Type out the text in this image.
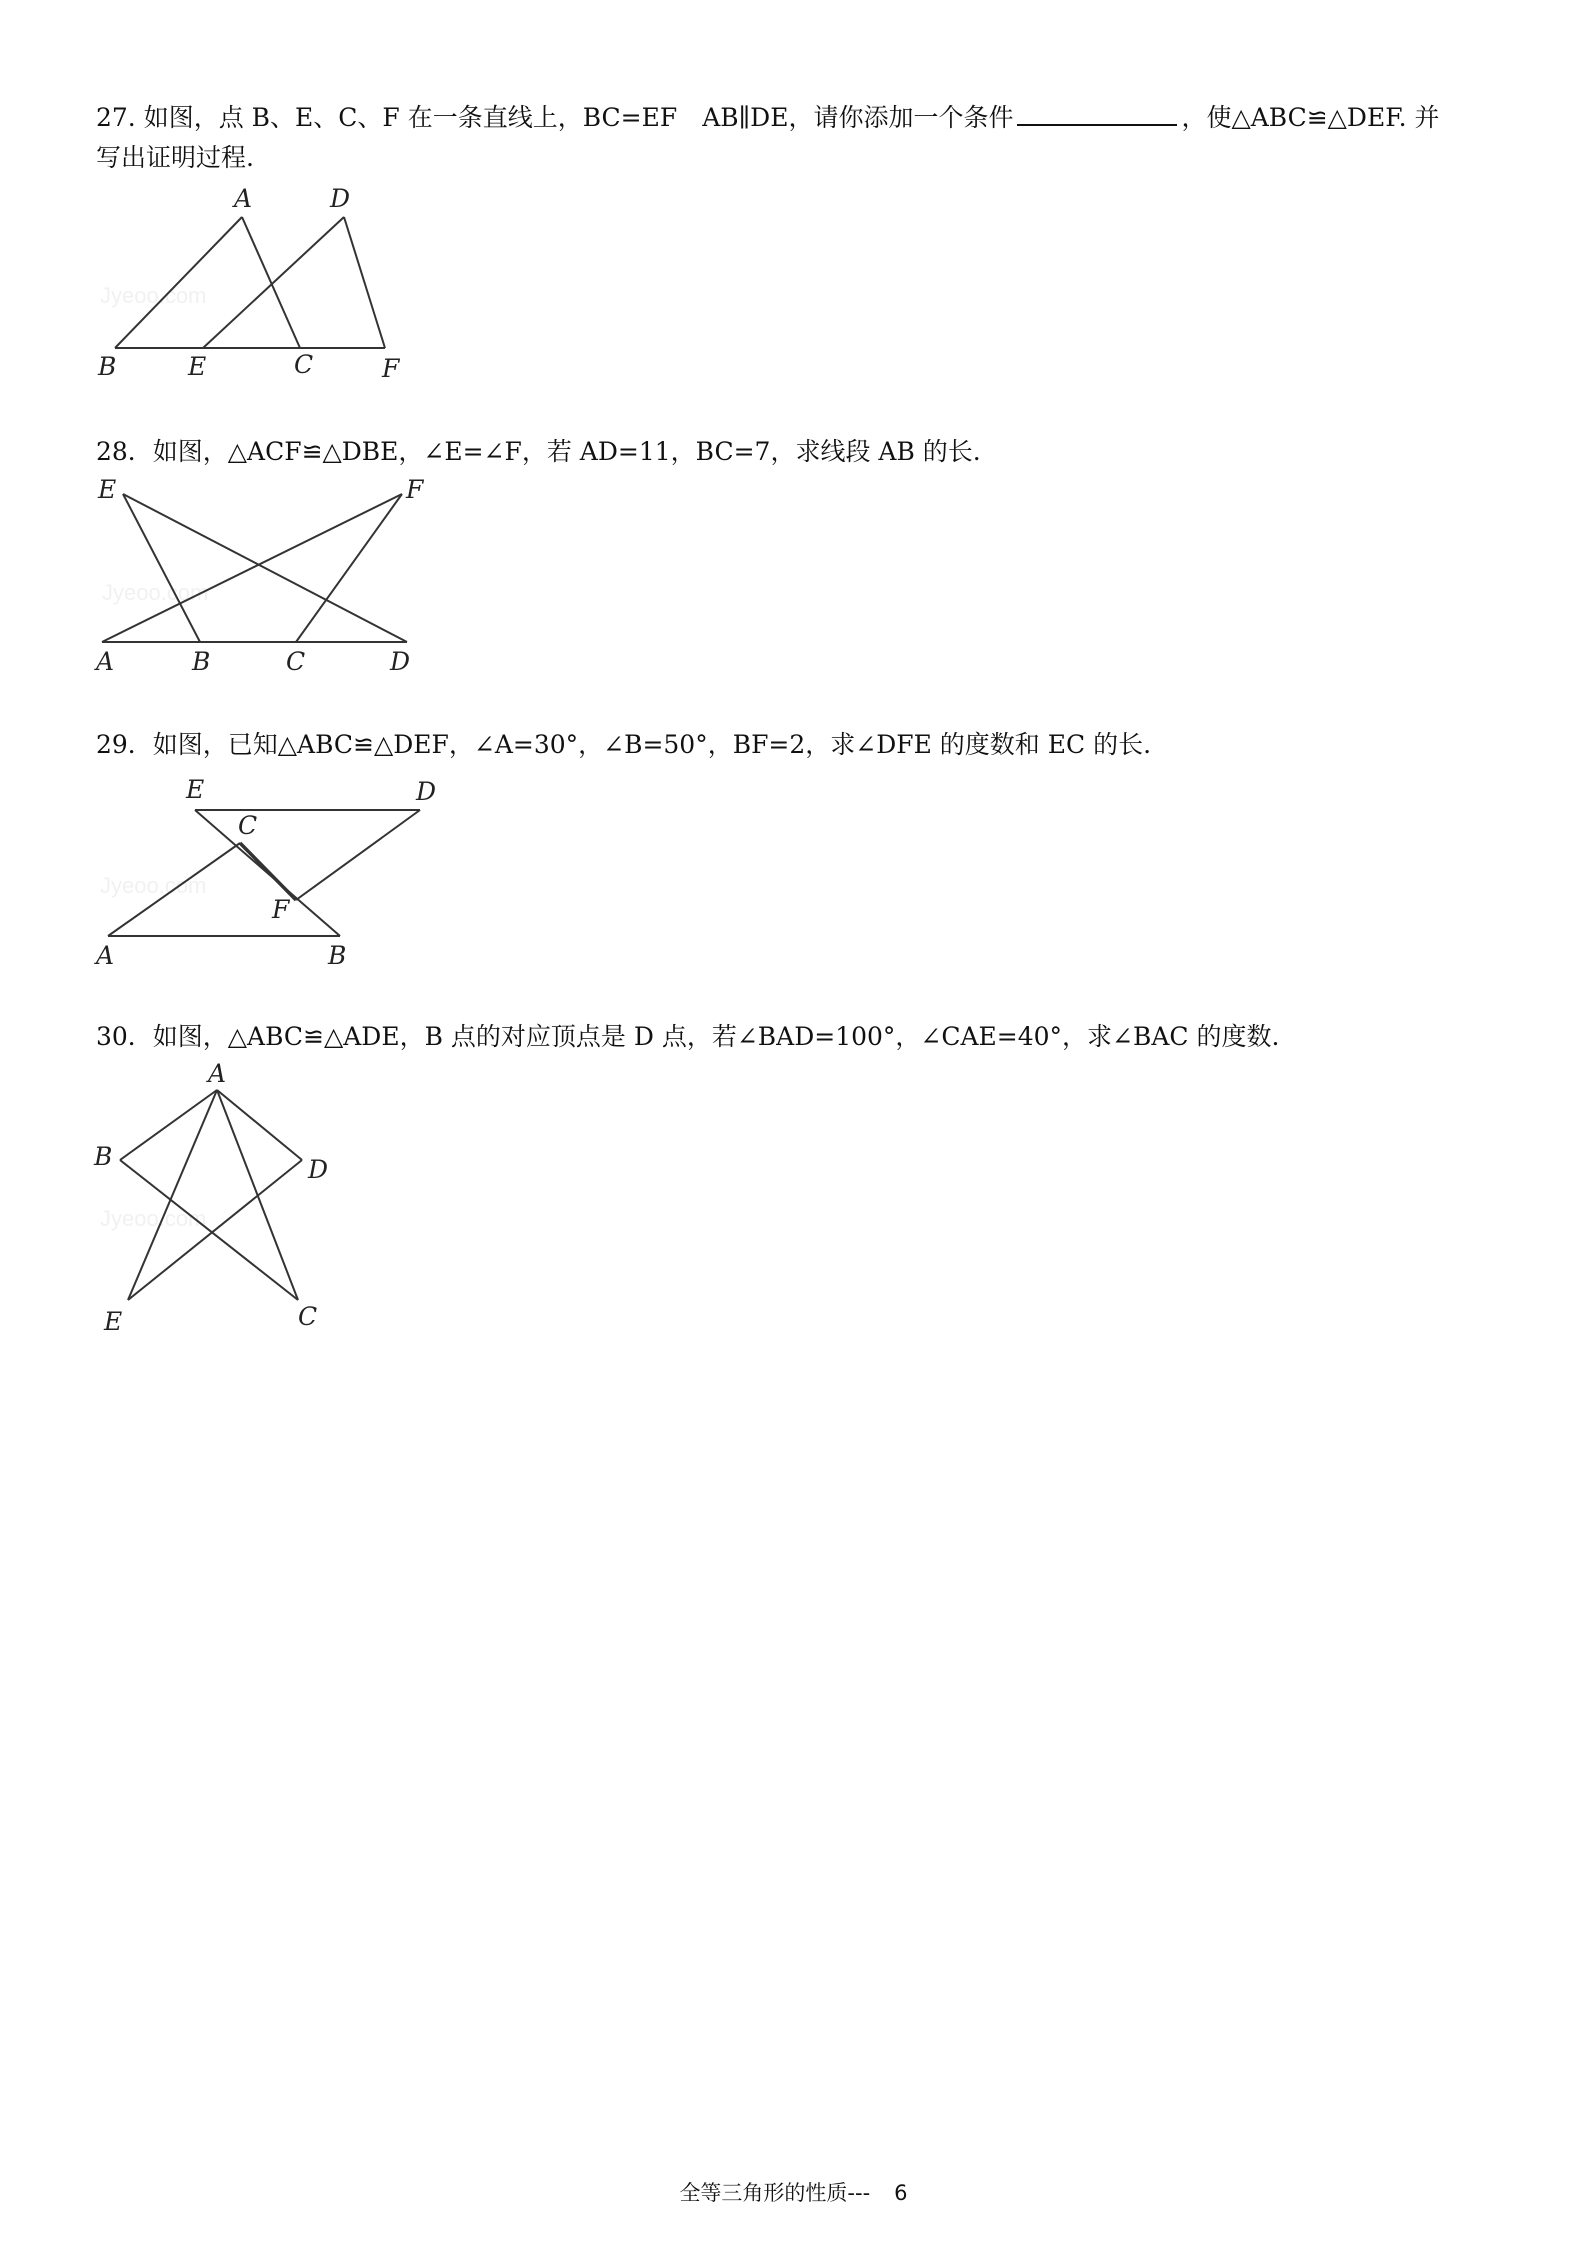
27. 如图，点 B、E、C、F 在一条直线上，BC=EF　AB∥DE，请你添加一个条件	，使△ABC≌△DEF. 并
写出证明过程.
Jyeoo.com
A	D
B	E	C	F
28．如图，△ACF≌△DBE，∠E=∠F，若 AD=11，BC=7，求线段 AB 的长.
Jyeoo.com
E	F
A	B	C	D
29．如图，已知△ABC≌△DEF，∠A=30°，∠B=50°，BF=2，求∠DFE 的度数和 EC 的长.
Jyeoo.com
E	D
C
F
A	B
30．如图，△ABC≌△ADE，B 点的对应顶点是 D 点，若∠BAD=100°，∠CAE=40°，求∠BAC 的度数.
Jyeoo.com
A
B	D
E	C
全等三角形的性质--- 6
